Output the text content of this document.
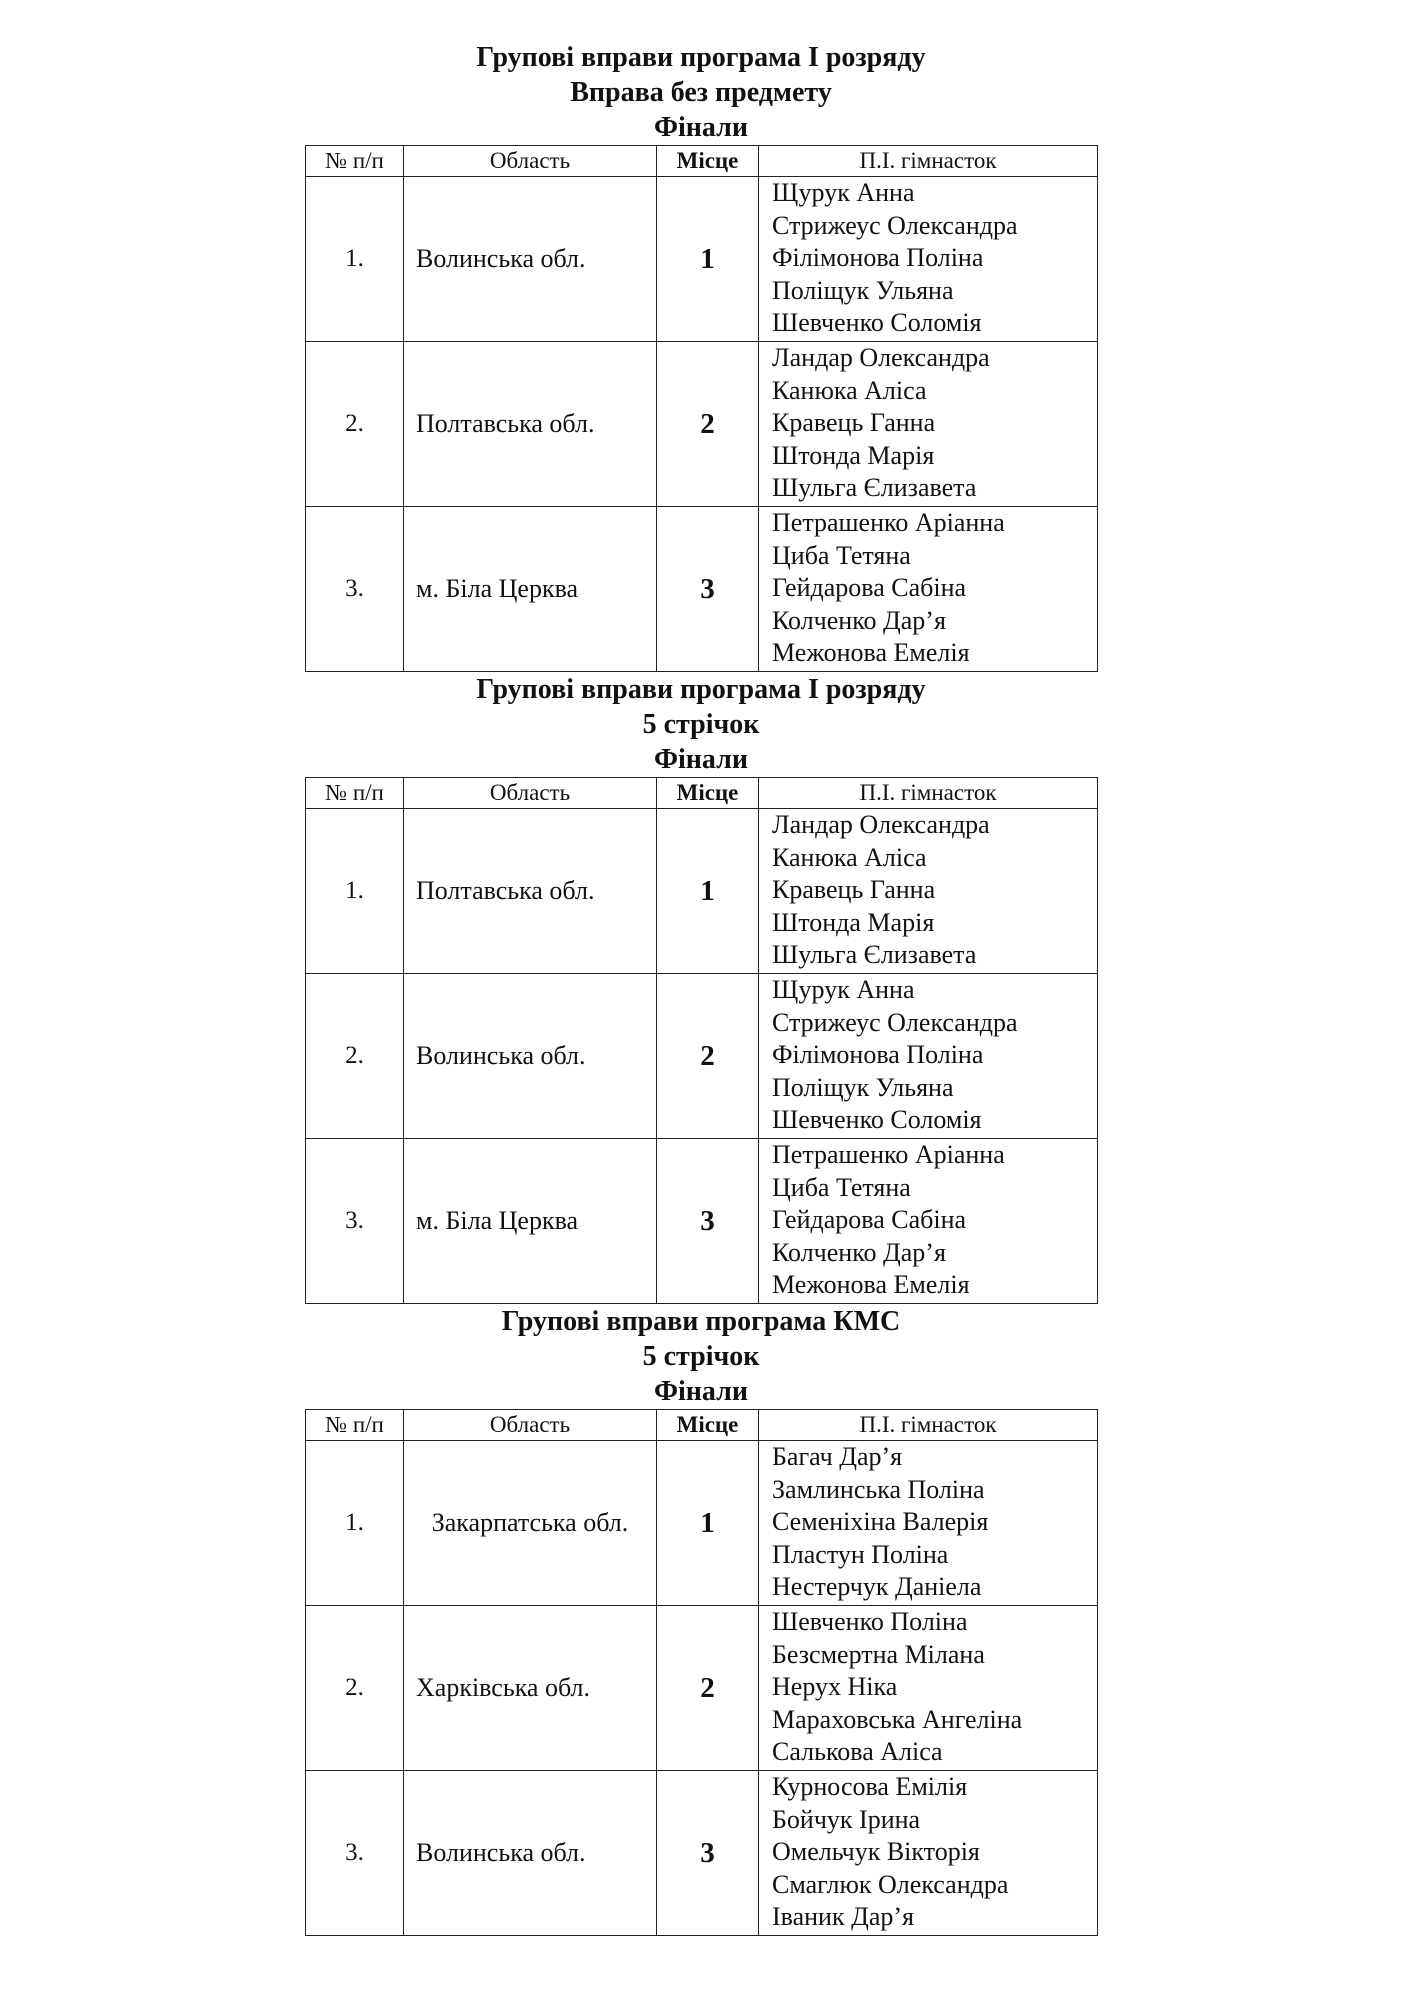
Групові вправи програма І розряду

Вправа без предмету

Фінали

№ п/п	Область	Місце	П.І. гімнасток
1.	Волинська обл.	1	Щурук Анна
Стрижеус Олександра
Філімонова Поліна
Поліщук Ульяна
Шевченко Соломія

2.	Полтавська обл.	2	Ландар Олександра
Канюка Аліса
Кравець Ганна
Штонда Марія
Шульга Єлизавета

3.	м. Біла Церква	3	Петрашенко Аріанна
Циба Тетяна
Гейдарова Сабіна
Колченко Дар’я
Межонова Емелія

Групові вправи програма І розряду

5 стрічок

Фінали

№ п/п	Область	Місце	П.І. гімнасток
1.	Полтавська обл.	1	Ландар Олександра
Канюка Аліса
Кравець Ганна
Штонда Марія
Шульга Єлизавета

2.	Волинська обл.	2	Щурук Анна
Стрижеус Олександра
Філімонова Поліна
Поліщук Ульяна
Шевченко Соломія

3.	м. Біла Церква	3	Петрашенко Аріанна
Циба Тетяна
Гейдарова Сабіна
Колченко Дар’я
Межонова Емелія

Групові вправи програма КМС

5 стрічок

Фінали

№ п/п	Область	Місце	П.І. гімнасток
1.	Закарпатська обл.	1	Багач Дар’я
Замлинська Поліна
Семеніхіна Валерія
Пластун Поліна
Нестерчук Даніела

2.	Харківська обл.	2	Шевченко Поліна
Безсмертна Мілана
Нерух Ніка
Мараховська Ангеліна
Салькова Аліса

3.	Волинська обл.	3	Курносова Емілія
Бойчук Ірина
Омельчук Вікторія
Смаглюк Олександра
Іваник Дар’я
